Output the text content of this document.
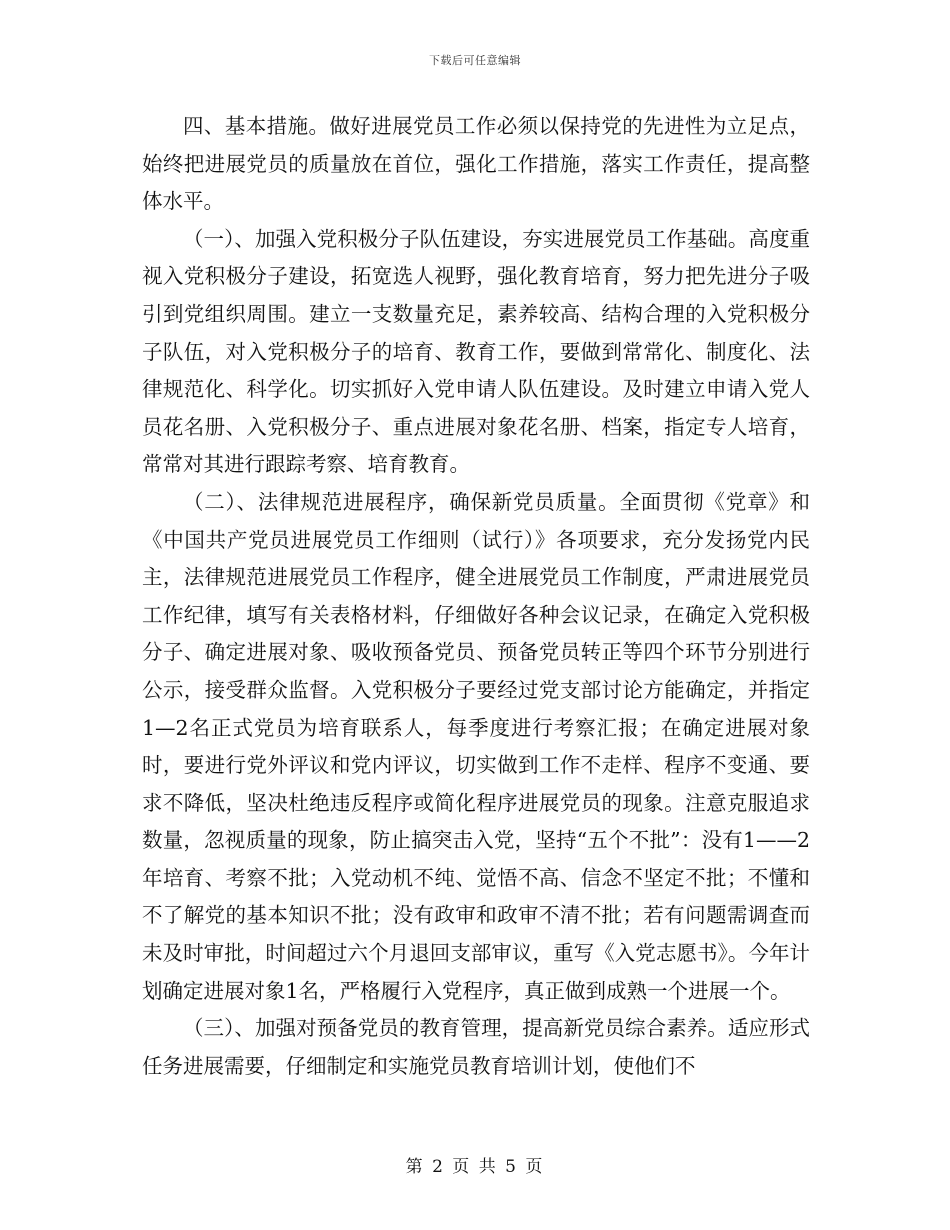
下载后可任意编辑

四、基本措施。做好进展党员工作必须以保持党的先进性为立足点，始终把进展党员的质量放在首位，强化工作措施，落实工作责任，提高整体水平。

（一）、加强入党积极分子队伍建设，夯实进展党员工作基础。高度重视入党积极分子建设，拓宽选人视野，强化教育培育，努力把先进分子吸引到党组织周围。建立一支数量充足，素养较高、结构合理的入党积极分子队伍，对入党积极分子的培育、教育工作，要做到常常化、制度化、法律规范化、科学化。切实抓好入党申请人队伍建设。及时建立申请入党人员花名册、入党积极分子、重点进展对象花名册、档案，指定专人培育，常常对其进行跟踪考察、培育教育。

（二）、法律规范进展程序，确保新党员质量。全面贯彻《党章》和《中国共产党员进展党员工作细则（试行）》各项要求，充分发扬党内民主，法律规范进展党员工作程序，健全进展党员工作制度，严肃进展党员工作纪律，填写有关表格材料，仔细做好各种会议记录，在确定入党积极分子、确定进展对象、吸收预备党员、预备党员转正等四个环节分别进行公示，接受群众监督。入党积极分子要经过党支部讨论方能确定，并指定1—2名正式党员为培育联系人，每季度进行考察汇报；在确定进展对象时，要进行党外评议和党内评议，切实做到工作不走样、程序不变通、要求不降低，坚决杜绝违反程序或简化程序进展党员的现象。注意克服追求数量，忽视质量的现象，防止搞突击入党，坚持“五个不批”：没有1——2年培育、考察不批；入党动机不纯、觉悟不高、信念不坚定不批；不懂和不了解党的基本知识不批；没有政审和政审不清不批；若有问题需调查而未及时审批，时间超过六个月退回支部审议，重写《入党志愿书》。今年计划确定进展对象1名，严格履行入党程序，真正做到成熟一个进展一个。

（三）、加强对预备党员的教育管理，提高新党员综合素养。适应形式任务进展需要，仔细制定和实施党员教育培训计划，使他们不

第 2 页 共 5 页
